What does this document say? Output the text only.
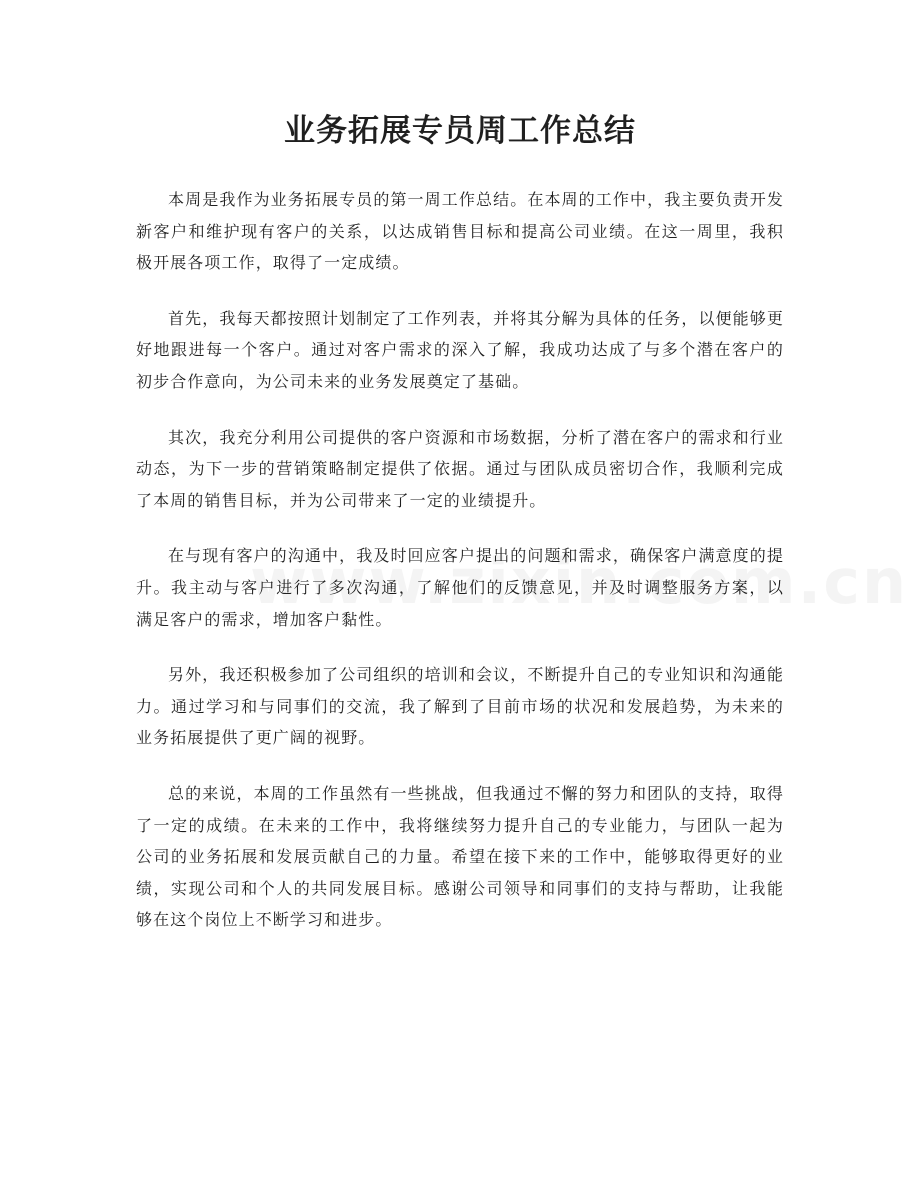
业务拓展专员周工作总结

本周是我作为业务拓展专员的第一周工作总结。在本周的工作中，我主要负责开发新客户和维护现有客户的关系，以达成销售目标和提高公司业绩。在这一周里，我积极开展各项工作，取得了一定成绩。

首先，我每天都按照计划制定了工作列表，并将其分解为具体的任务，以便能够更好地跟进每一个客户。通过对客户需求的深入了解，我成功达成了与多个潜在客户的初步合作意向，为公司未来的业务发展奠定了基础。

其次，我充分利用公司提供的客户资源和市场数据，分析了潜在客户的需求和行业动态，为下一步的营销策略制定提供了依据。通过与团队成员密切合作，我顺利完成了本周的销售目标，并为公司带来了一定的业绩提升。

在与现有客户的沟通中，我及时回应客户提出的问题和需求，确保客户满意度的提升。我主动与客户进行了多次沟通，了解他们的反馈意见，并及时调整服务方案，以满足客户的需求，增加客户黏性。

另外，我还积极参加了公司组织的培训和会议，不断提升自己的专业知识和沟通能力。通过学习和与同事们的交流，我了解到了目前市场的状况和发展趋势，为未来的业务拓展提供了更广阔的视野。

总的来说，本周的工作虽然有一些挑战，但我通过不懈的努力和团队的支持，取得了一定的成绩。在未来的工作中，我将继续努力提升自己的专业能力，与团队一起为公司的业务拓展和发展贡献自己的力量。希望在接下来的工作中，能够取得更好的业绩，实现公司和个人的共同发展目标。感谢公司领导和同事们的支持与帮助，让我能够在这个岗位上不断学习和进步。
